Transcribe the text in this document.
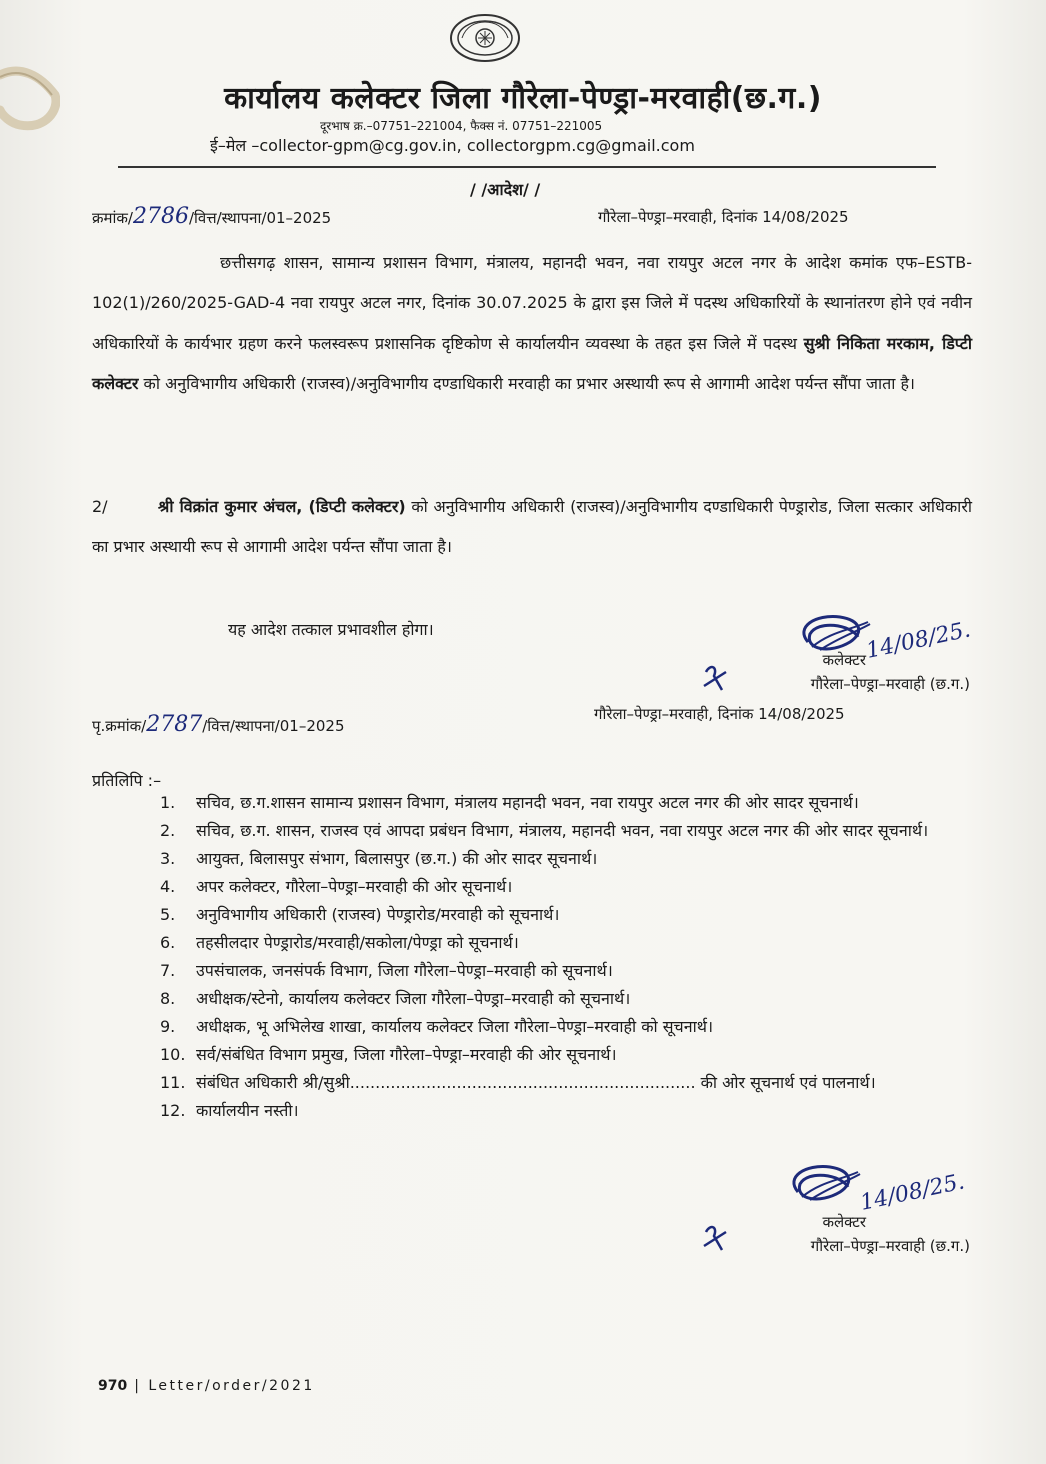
कार्यालय कलेक्टर जिला गौरेला-पेण्ड्रा-मरवाही(छ.ग.)
दूरभाष क्र.–07751–221004, फैक्स नं. 07751–221005
ई–मेल –collector-gpm@cg.gov.in, collectorgpm.cg@gmail.com
/ /आदेश/ /
क्रमांक/2786/वित्त/स्थापना/01–2025	गौरेला–पेण्ड्रा–मरवाही, दिनांक 14/08/2025
छत्तीसगढ़ शासन, सामान्य प्रशासन विभाग, मंत्रालय, महानदी भवन, नवा रायपुर अटल नगर के आदेश कमांक एफ–ESTB-102(1)/260/2025-GAD-4 नवा रायपुर अटल नगर, दिनांक 30.07.2025 के द्वारा इस जिले में पदस्थ अधिकारियों के स्थानांतरण होने एवं नवीन अधिकारियों के कार्यभार ग्रहण करने फलस्वरूप प्रशासनिक दृष्टिकोण से कार्यालयीन व्यवस्था के तहत इस जिले में पदस्थ सुश्री निकिता मरकाम, डिप्टी कलेक्टर को अनुविभागीय अधिकारी (राजस्व)/अनुविभागीय दण्डाधिकारी मरवाही का प्रभार अस्थायी रूप से आगामी आदेश पर्यन्त सौंपा जाता है।
2/	श्री विक्रांत कुमार अंचल, (डिप्टी कलेक्टर) को अनुविभागीय अधिकारी (राजस्व)/अनुविभागीय दण्डाधिकारी पेण्ड्रारोड, जिला सत्कार अधिकारी का प्रभार अस्थायी रूप से आगामी आदेश पर्यन्त सौंपा जाता है।
यह आदेश तत्काल प्रभावशील होगा।	14/08/25.
कलेक्टर
गौरेला–पेण्ड्रा–मरवाही (छ.ग.)
पृ.क्रमांक/2787/वित्त/स्थापना/01–2025
गौरेला–पेण्ड्रा–मरवाही, दिनांक 14/08/2025
प्रतिलिपि :–
1. सचिव, छ.ग.शासन सामान्य प्रशासन विभाग, मंत्रालय महानदी भवन, नवा रायपुर अटल नगर की ओर सादर सूचनार्थ।
2. सचिव, छ.ग. शासन, राजस्व एवं आपदा प्रबंधन विभाग, मंत्रालय, महानदी भवन, नवा रायपुर अटल नगर की ओर सादर सूचनार्थ।
3. आयुक्त, बिलासपुर संभाग, बिलासपुर (छ.ग.) की ओर सादर सूचनार्थ।
4. अपर कलेक्टर, गौरेला–पेण्ड्रा–मरवाही की ओर सूचनार्थ।
5. अनुविभागीय अधिकारी (राजस्व) पेण्ड्रारोड/मरवाही को सूचनार्थ।
6. तहसीलदार पेण्ड्रारोड/मरवाही/सकोला/पेण्ड्रा को सूचनार्थ।
7. उपसंचालक, जनसंपर्क विभाग, जिला गौरेला–पेण्ड्रा–मरवाही को सूचनार्थ।
8. अधीक्षक/स्टेनो, कार्यालय कलेक्टर जिला गौरेला–पेण्ड्रा–मरवाही को सूचनार्थ।
9. अधीक्षक, भू अभिलेख शाखा, कार्यालय कलेक्टर जिला गौरेला–पेण्ड्रा–मरवाही को सूचनार्थ।
10. सर्व/संबंधित विभाग प्रमुख, जिला गौरेला–पेण्ड्रा–मरवाही की ओर सूचनार्थ।
11. संबंधित अधिकारी श्री/सुश्री.................................................................... की ओर सूचनार्थ एवं पालनार्थ।
12. कार्यालयीन नस्ती।
14/08/25.
कलेक्टर
गौरेला–पेण्ड्रा–मरवाही (छ.ग.)
970 | Letter/order/2021
